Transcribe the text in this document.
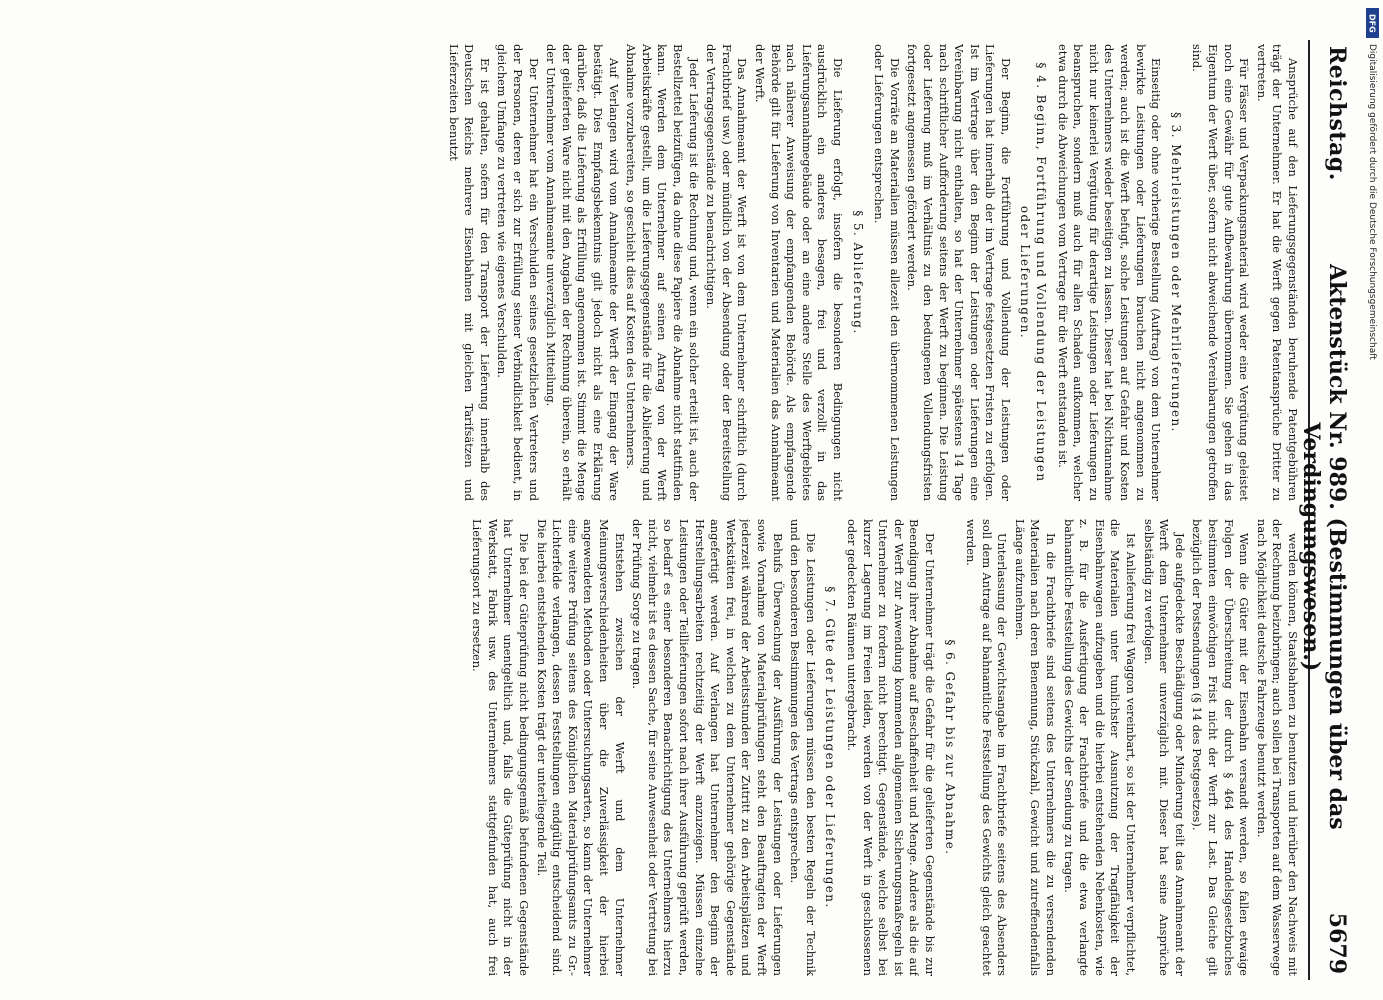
Reichstag.
Aktenstück Nr. 989. (Bestimmungen über das Verdingungswesen.)
5679

Ansprüche auf den Lieferungsgegenständen beruhende Patentgebühren trägt der Unternehmer. Er hat die Werft gegen Patentansprüche Dritter zu vertreten.

Für Fässer und Verpackungsmaterial wird weder eine Vergütung geleistet noch eine Gewähr für gute Aufbewahrung übernommen. Sie gehen in das Eigentum der Werft über, sofern nicht abweichende Vereinbarungen getroffen sind.

§ 3. Mehrleistungen oder Mehrlieferungen.

Einseitig oder ohne vorherige Bestellung (Auftrag) von dem Unternehmer bewirkte Leistungen oder Lieferungen brauchen nicht angenommen zu werden; auch ist die Werft befugt, solche Leistungen auf Gefahr und Kosten des Unternehmers wieder beseitigen zu lassen. Dieser hat bei Nichtannahme nicht nur keinerlei Vergütung für derartige Leistungen oder Lieferungen zu beanspruchen, sondern muß auch für allen Schaden aufkommen, welcher etwa durch die Abweichungen vom Vertrage für die Werft entstanden ist.

§ 4. Beginn, Fortführung und Vollendung der Leistungen oder Lieferungen.

Der Beginn, die Fortführung und Vollendung der Leistungen oder Lieferungen hat innerhalb der im Vertrage festgesetzten Fristen zu erfolgen. Ist im Vertrage über den Beginn der Leistungen oder Lieferungen eine Vereinbarung nicht enthalten, so hat der Unternehmer spätestens 14 Tage nach schriftlicher Aufforderung seitens der Werft zu beginnen. Die Leistung oder Lieferung muß im Verhältnis zu den bedungenen Vollendungsfristen fortgesetzt angemessen gefördert werden.

Die Vorräte an Materialien müssen allezeit den übernommenen Leistungen oder Lieferungen entsprechen.

§ 5. Ablieferung.

Die Lieferung erfolgt, insofern die besonderen Bedingungen nicht ausdrücklich ein anderes besagen, frei und verzollt in das Lieferungsannahmegebäude oder an eine andere Stelle des Werftgebietes nach näherer Anweisung der empfangenden Behörde. Als empfangende Behörde gilt für Lieferung von Inventarien und Materialien das Annahmeamt der Werft.

Das Annahmeamt der Werft ist von dem Unternehmer schriftlich (durch Frachtbrief usw.) oder mündlich von der Absendung oder der Bereitstellung der Vertragsgegenstände zu benachrichtigen.

Jeder Lieferung ist die Rechnung und, wenn ein solcher erteilt ist, auch der Bestellzettel beizufügen, da ohne diese Papiere die Abnahme nicht stattfinden kann. Werden dem Unternehmer auf seinen Antrag von der Werft Arbeitskräfte gestellt, um die Lieferungsgegenstände für die Ablieferung und Abnahme vorzubereiten, so geschieht dies auf Kosten des Unternehmers.

Auf Verlangen wird vom Annahmeamte der Werft der Eingang der Ware bestätigt. Dies Empfangsbekenntnis gilt jedoch nicht als eine Erklärung darüber, daß die Lieferung als Erfüllung angenommen ist. Stimmt die Menge der gelieferten Ware nicht mit den Angaben der Rechnung überein, so erhält der Unternehmer vom Annahmeamte unverzüglich Mitteilung.

Der Unternehmer hat ein Verschulden seines gesetzlichen Vertreters und der Personen, deren er sich zur Erfüllung seiner Verbindlichkeit bedient, in gleichem Umfange zu vertreten wie eigenes Verschulden.

Er ist gehalten, sofern für den Transport der Lieferung innerhalb des Deutschen Reichs mehrere Eisenbahnen mit gleichen Tarifsätzen und Lieferzeiten benutzt

werden können, Staatsbahnen zu benutzen und hierüber den Nachweis mit der Rechnung beizubringen; auch sollen bei Transporten auf dem Wasserwege nach Möglichkeit deutsche Fahrzeuge benutzt werden.

Wenn die Güter mit der Eisenbahn versandt werden, so fallen etwaige Folgen der Überschreitung der durch § 464 des Handelsgesetzbuches bestimmten einwöchigen Frist nicht der Werft zur Last. Das Gleiche gilt bezüglich der Postsendungen (§ 14 des Postgesetzes).

Jede aufgedeckte Beschädigung oder Minderung teilt das Annahmeamt der Werft dem Unternehmer unverzüglich mit. Dieser hat seine Ansprüche selbständig zu verfolgen.

Ist Anlieferung frei Waggon vereinbart, so ist der Unternehmer verpflichtet, die Materialien unter tunlichster Ausnutzung der Tragfähigkeit der Eisenbahnwagen aufzugeben und die hierbei entstehenden Nebenkosten, wie z. B. für die Ausfertigung der Frachtbriefe und die etwa verlangte bahnamtliche Feststellung des Gewichts der Sendung zu tragen.

In die Frachtbriefe sind seitens des Unternehmers die zu versendenden Materialien nach deren Benennung, Stückzahl, Gewicht und zutreffendenfalls Länge aufzunehmen.

Unterlassung der Gewichtsangabe im Frachtbriefe seitens des Absenders soll dem Antrage auf bahnamtliche Feststellung des Gewichts gleich geachtet werden.

§ 6. Gefahr bis zur Abnahme.

Der Unternehmer trägt die Gefahr für die gelieferten Gegenstände bis zur Beendigung ihrer Abnahme auf Beschaffenheit und Menge. Andere als die auf der Werft zur Anwendung kommenden allgemeinen Sicherungsmaßregeln ist Unternehmer zu fordern nicht berechtigt. Gegenstände, welche selbst bei kurzer Lagerung im Freien leiden, werden von der Werft in geschlossenen oder gedeckten Räumen untergebracht.

§ 7. Güte der Leistungen oder Lieferungen.

Die Leistungen oder Lieferungen müssen den besten Regeln der Technik und den besonderen Bestimmungen des Vertrags entsprechen.

Behufs Überwachung der Ausführung der Leistungen oder Lieferungen sowie Vornahme von Materialprüfungen steht den Beauftragten der Werft jederzeit während der Arbeitsstunden der Zutritt zu den Arbeitsplätzen und Werkstätten frei, in welchen zu dem Unternehmer gehörige Gegenstände angefertigt werden. Auf Verlangen hat Unternehmer den Beginn der Herstellungsarbeiten rechtzeitig der Werft anzuzeigen. Müssen einzelne Leistungen oder Teillieferungen sofort nach ihrer Ausführung geprüft werden, so bedarf es einer besonderen Benachrichtigung des Unternehmers hierzu nicht, vielmehr ist es dessen Sache, für seine Anwesenheit oder Vertretung bei der Prüfung Sorge zu tragen.

Entstehen zwischen der Werft und dem Unternehmer Meinungsverschiedenheiten über die Zuverlässigkeit der hierbei angewendeten Methoden oder Untersuchungsarten, so kann der Unternehmer eine weitere Prüfung seitens des Königlichen Materialprüfungsamts zu Gr.-Lichterfelde verlangen, dessen Feststellungen endgültig entscheidend sind. Die hierbei entstehenden Kosten trägt der unterliegende Teil.

Die bei der Güteprüfung nicht bedingungsgemäß befundenen Gegenstände hat Unternehmer unentgeltlich und, falls die Güteprüfung nicht in der Werkstatt, Fabrik usw. des Unternehmers stattgefunden hat, auch frei Lieferungsort zu ersetzen.

DFG
Digitalisierung gefördert durch die Deutsche Forschungsgemeinschaft
